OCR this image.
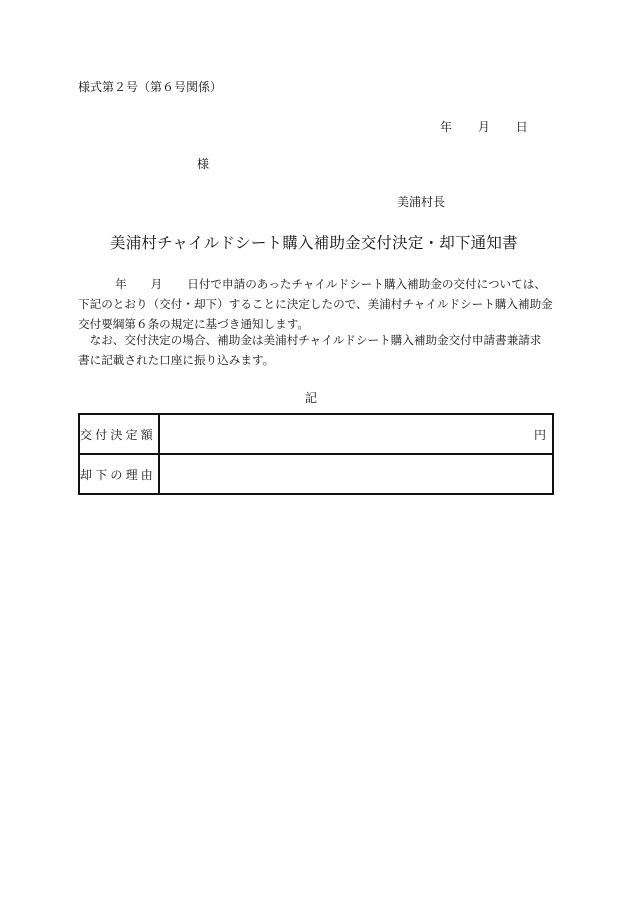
様式第２号（第６号関係）
年 月 日
様
美浦村長
美浦村チャイルドシート購入補助金交付決定・却下通知書
年 月 日付で申請のあったチャイルドシート購入補助金の交付については、
下記のとおり（交付・却下）することに決定したので、美浦村チャイルドシート購入補助金
交付要綱第６条の規定に基づき通知します。
　なお、交付決定の場合、補助金は美浦村チャイルドシート購入補助金交付申請書兼請求
書に記載された口座に振り込みます。
記
交付決定額	円
却下の理由	
